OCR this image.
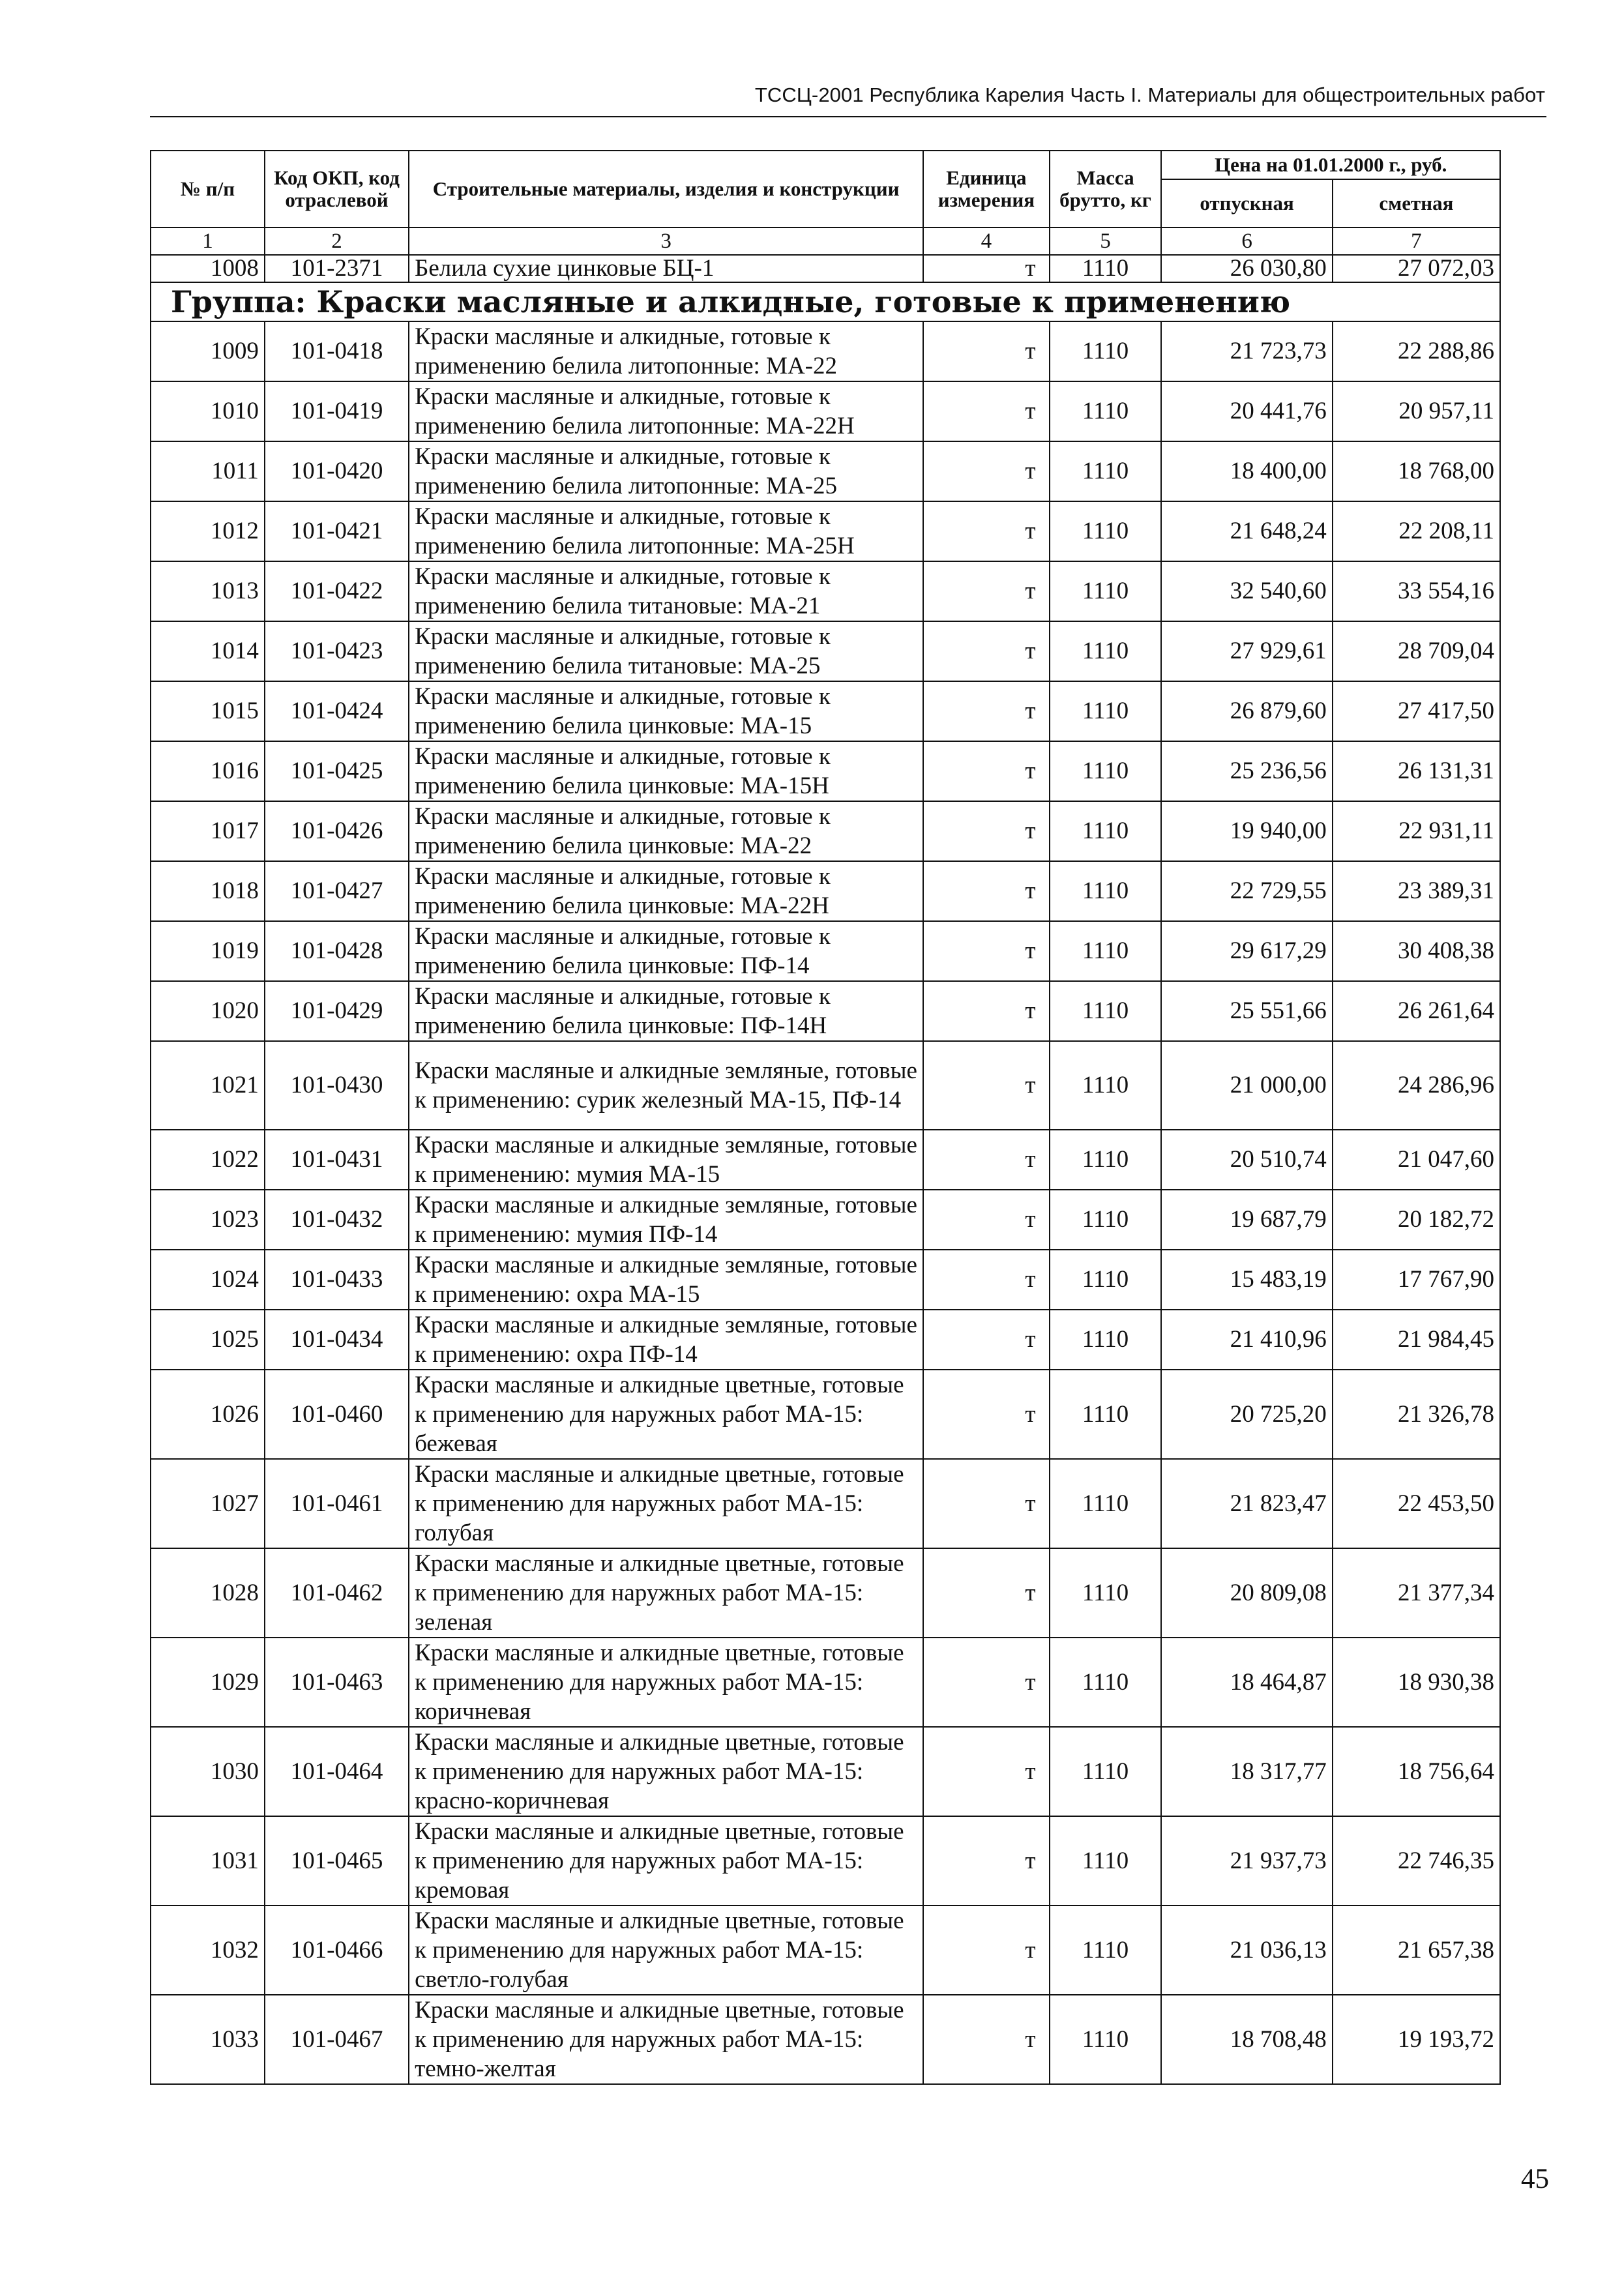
ТССЦ-2001 Республика Карелия Часть I. Материалы для общестроительных работ
№ п/п	Код ОКП, код отраслевой	Строительные материалы, изделия и конструкции	Единица измерения	Масса брутто, кг	Цена на 01.01.2000 г., руб.	
					отпускная	сметная
1	2	3	4	5	6	7
1008	101-2371	Белила сухие цинковые БЦ-1	т	1110	26 030,80	27 072,03
Группа: Краски масляные и алкидные, готовые к применению						
1009	101-0418	Краски масляные и алкидные, готовые к применению белила литопонные: МА-22	т	1110	21 723,73	22 288,86
1010	101-0419	Краски масляные и алкидные, готовые к применению белила литопонные: МА-22Н	т	1110	20 441,76	20 957,11
1011	101-0420	Краски масляные и алкидные, готовые к применению белила литопонные: МА-25	т	1110	18 400,00	18 768,00
1012	101-0421	Краски масляные и алкидные, готовые к применению белила литопонные: МА-25Н	т	1110	21 648,24	22 208,11
1013	101-0422	Краски масляные и алкидные, готовые к применению белила титановые: МА-21	т	1110	32 540,60	33 554,16
1014	101-0423	Краски масляные и алкидные, готовые к применению белила титановые: МА-25	т	1110	27 929,61	28 709,04
1015	101-0424	Краски масляные и алкидные, готовые к применению белила цинковые: МА-15	т	1110	26 879,60	27 417,50
1016	101-0425	Краски масляные и алкидные, готовые к применению белила цинковые: МА-15Н	т	1110	25 236,56	26 131,31
1017	101-0426	Краски масляные и алкидные, готовые к применению белила цинковые: МА-22	т	1110	19 940,00	22 931,11
1018	101-0427	Краски масляные и алкидные, готовые к применению белила цинковые: МА-22Н	т	1110	22 729,55	23 389,31
1019	101-0428	Краски масляные и алкидные, готовые к применению белила цинковые: ПФ-14	т	1110	29 617,29	30 408,38
1020	101-0429	Краски масляные и алкидные, готовые к применению белила цинковые: ПФ-14Н	т	1110	25 551,66	26 261,64
1021	101-0430	Краски масляные и алкидные земляные, готовые к применению: сурик железный МА-15, ПФ-14	т	1110	21 000,00	24 286,96
1022	101-0431	Краски масляные и алкидные земляные, готовые к применению: мумия МА-15	т	1110	20 510,74	21 047,60
1023	101-0432	Краски масляные и алкидные земляные, готовые к применению: мумия ПФ-14	т	1110	19 687,79	20 182,72
1024	101-0433	Краски масляные и алкидные земляные, готовые к применению: охра МА-15	т	1110	15 483,19	17 767,90
1025	101-0434	Краски масляные и алкидные земляные, готовые к применению: охра ПФ-14	т	1110	21 410,96	21 984,45
1026	101-0460	Краски масляные и алкидные цветные, готовые к применению для наружных работ МА-15: бежевая	т	1110	20 725,20	21 326,78
1027	101-0461	Краски масляные и алкидные цветные, готовые к применению для наружных работ МА-15: голубая	т	1110	21 823,47	22 453,50
1028	101-0462	Краски масляные и алкидные цветные, готовые к применению для наружных работ МА-15: зеленая	т	1110	20 809,08	21 377,34
1029	101-0463	Краски масляные и алкидные цветные, готовые к применению для наружных работ МА-15: коричневая	т	1110	18 464,87	18 930,38
1030	101-0464	Краски масляные и алкидные цветные, готовые к применению для наружных работ МА-15: красно-коричневая	т	1110	18 317,77	18 756,64
1031	101-0465	Краски масляные и алкидные цветные, готовые к применению для наружных работ МА-15: кремовая	т	1110	21 937,73	22 746,35
1032	101-0466	Краски масляные и алкидные цветные, готовые к применению для наружных работ МА-15: светло-голубая	т	1110	21 036,13	21 657,38
1033	101-0467	Краски масляные и алкидные цветные, готовые к применению для наружных работ МА-15: темно-желтая	т	1110	18 708,48	19 193,72
45
